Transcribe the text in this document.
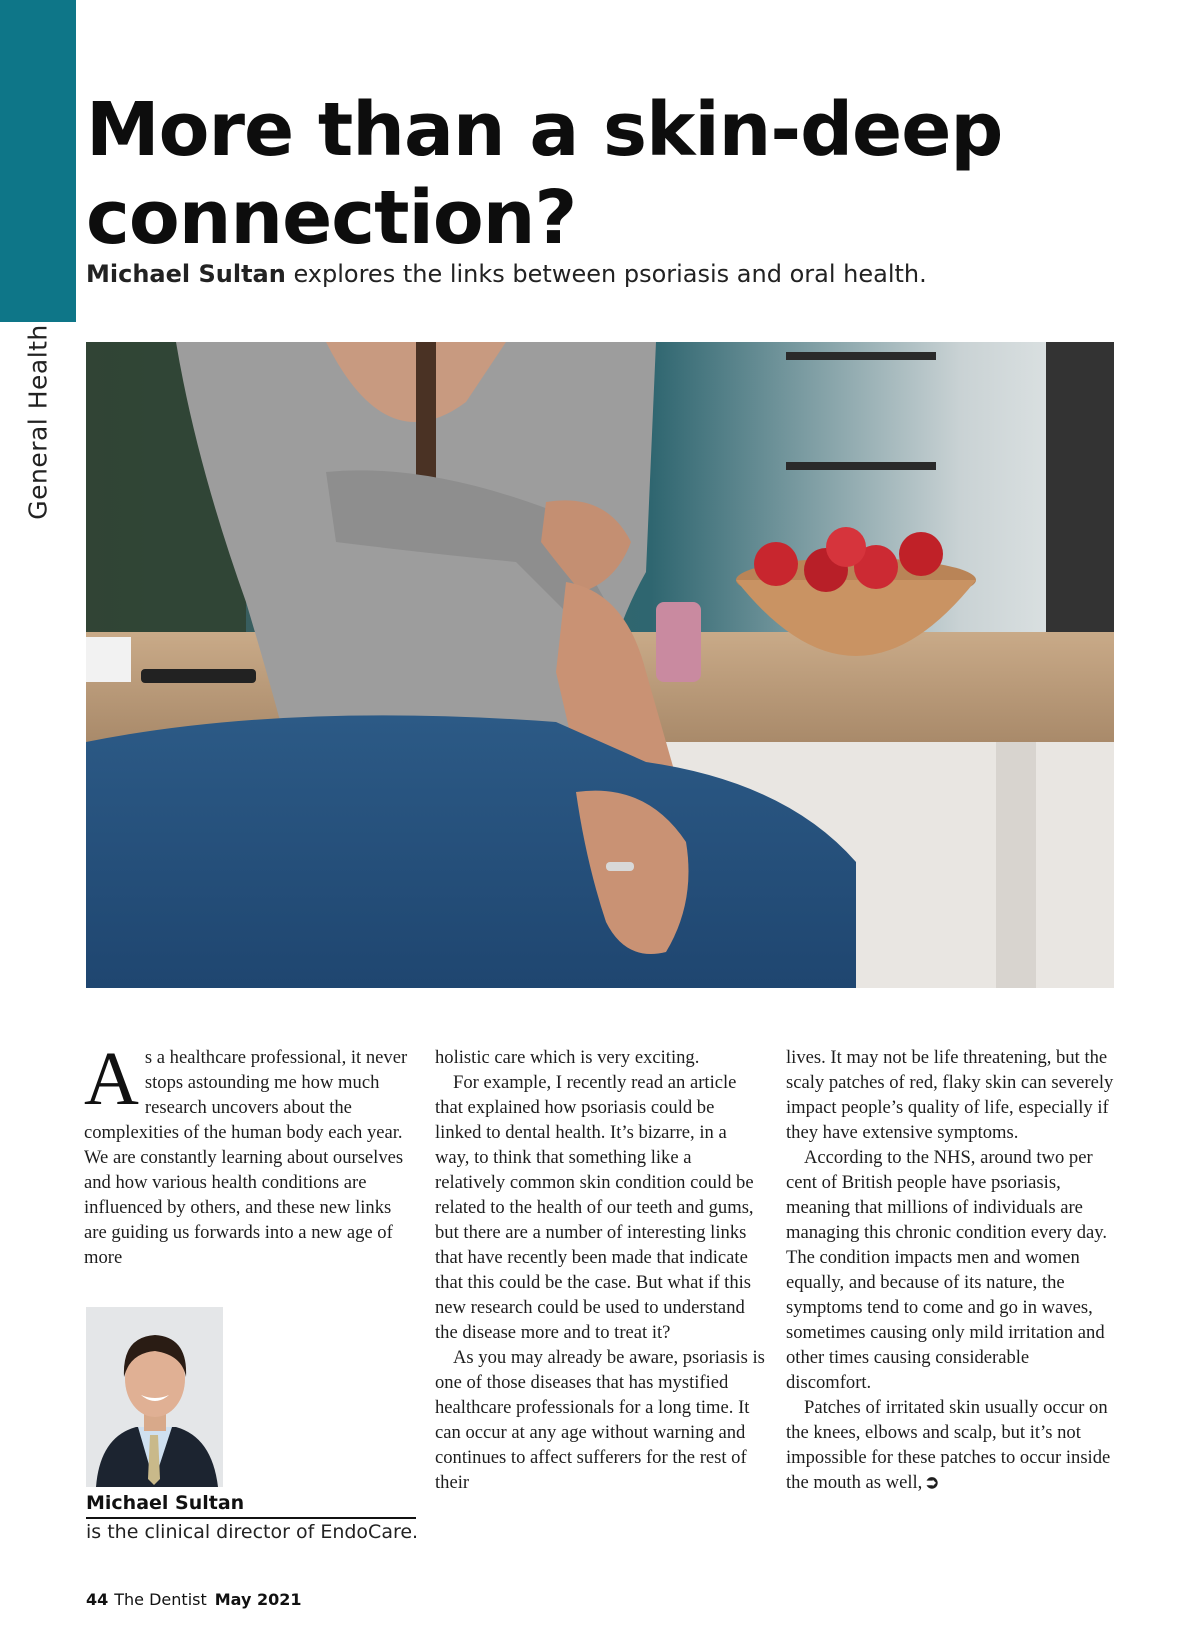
General Health
More than a skin-deep connection?

Michael Sultan explores the links between psoriasis and oral health.

A s a healthcare professional, it never stops astounding me how much research uncovers about the complexities of the human body each year. We are constantly learning about ourselves and how various health conditions are influenced by others, and these new links are guiding us forwards into a new age of more

holistic care which is very exciting.

For example, I recently read an article that explained how psoriasis could be linked to dental health. It’s bizarre, in a way, to think that something like a relatively common skin condition could be related to the health of our teeth and gums, but there are a number of interesting links that have recently been made that indicate that this could be the case. But what if this new research could be used to understand the disease more and to treat it?

As you may already be aware, psoriasis is one of those diseases that has mystified healthcare professionals for a long time. It can occur at any age without warning and continues to affect sufferers for the rest of their

lives. It may not be life threatening, but the scaly patches of red, flaky skin can severely impact people’s quality of life, especially if they have extensive symptoms.

According to the NHS, around two per cent of British people have psoriasis, meaning that millions of individuals are managing this chronic condition every day. The condition impacts men and women equally, and because of its nature, the symptoms tend to come and go in waves, sometimes causing only mild irritation and other times causing considerable discomfort.

Patches of irritated skin usually occur on the knees, elbows and scalp, but it’s not impossible for these patches to occur inside the mouth as well, ➲

Michael Sultan
is the clinical director of EndoCare.
44 The Dentist May 2021
